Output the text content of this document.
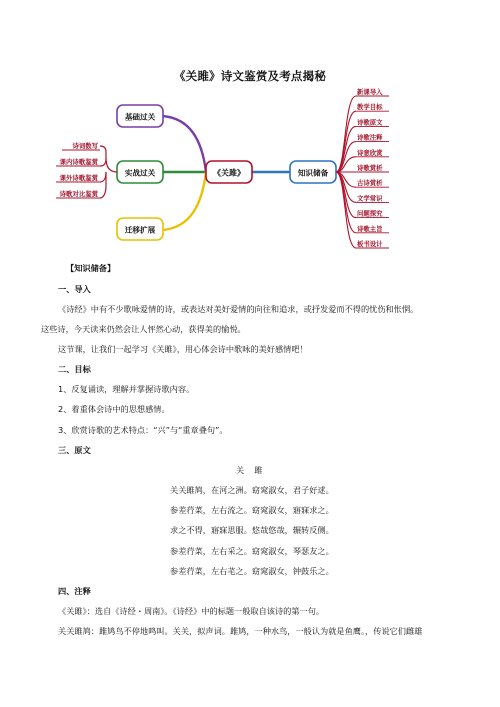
《关雎》诗文鉴赏及考点揭秘
基础过关
实战过关
迁移扩展
《关雎》	知识储备
诗词数写
课内诗歌鉴赏
课外诗歌鉴赏
诗歌对比鉴赏
新课导入
教学目标
诗歌原文
诗歌注释
诗意欣赏
诗歌赏析
古诗赏析
文学常识
问题探究
诗歌主旨
板书设计
【知识储备】
一、导入
《诗经》中有不少歌咏爱情的诗，或表达对美好爱情的向往和追求，或抒发爱而不得的忧伤和怅惘。
这些诗，今天读来仍然会让人怦然心动，获得美的愉悦。
这节课，让我们一起学习《关雎》，用心体会诗中歌咏的美好感情吧！
二、目标
1、反复诵读，理解并掌握诗歌内容。
2、着重体会诗中的思想感情。
3、欣赏诗歌的艺术特点：“兴”与“重章叠句”。
三、原文
关雎
关关雎鸠，在河之洲。窈窕淑女，君子好逑。
参差荇菜，左右流之。窈窕淑女，寤寐求之。
求之不得，寤寐思服。悠哉悠哉，辗转反侧。
参差荇菜，左右采之。窈窕淑女，琴瑟友之。
参差荇菜，左右芼之。窈窕淑女，钟鼓乐之。
四、注释
《关雎》：选自《诗经・周南》。《诗经》中的标题一般取自该诗的第一句。
关关雎鸠：雎鸠鸟不停地鸣叫。关关，拟声词。雎鸠，一种水鸟，一般认为就是鱼鹰。，传说它们雌雄
